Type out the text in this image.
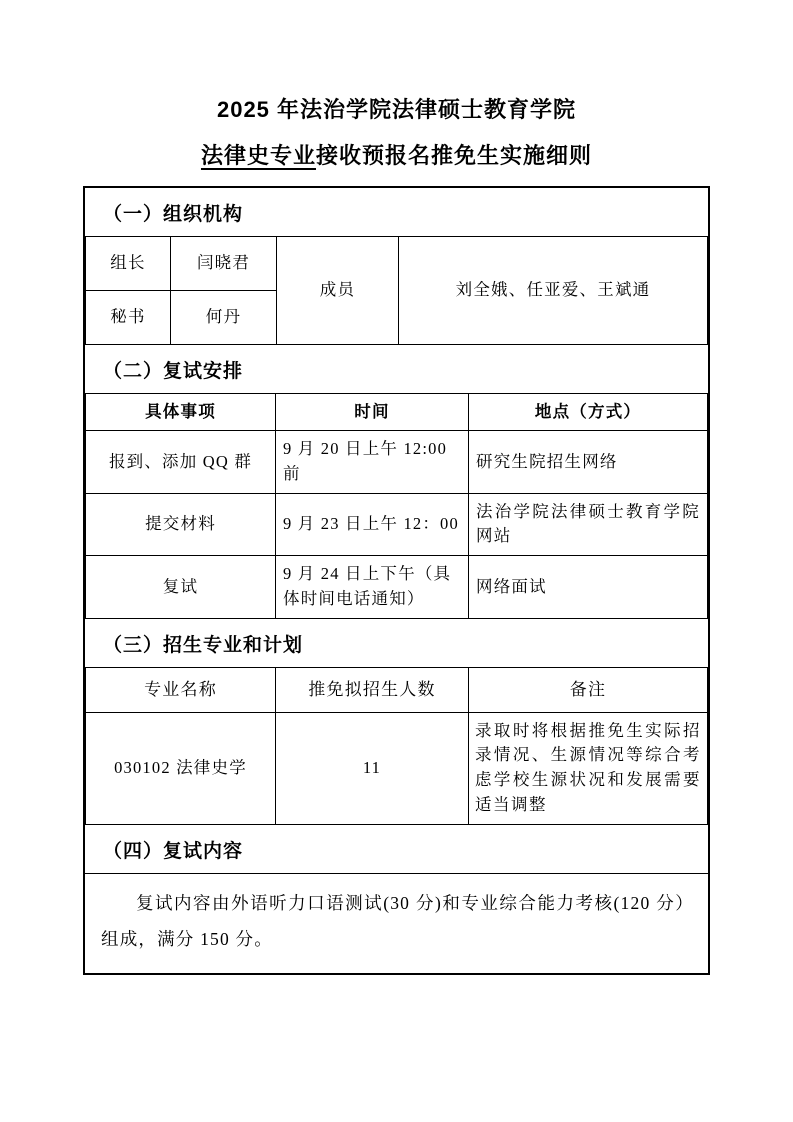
2025 年法治学院法律硕士教育学院
法律史专业接收预报名推免生实施细则
（一）组织机构
组长	闫晓君	成员	刘全娥、任亚爱、王斌通
秘书	何丹		
（二）复试安排
具体事项	时间	地点（方式）
报到、添加 QQ 群	9 月 20 日上午 12:00 前	研究生院招生网络
提交材料	9 月 23 日上午 12：00	法治学院法律硕士教育学院网站
复试	9 月 24 日上下午（具体时间电话通知）	网络面试
（三）招生专业和计划
专业名称	推免拟招生人数	备注
030102 法律史学	11	录取时将根据推免生实际招录情况、生源情况等综合考虑学校生源状况和发展需要适当调整
（四）复试内容
复试内容由外语听力口语测试(30 分)和专业综合能力考核(120 分）组成，满分 150 分。
